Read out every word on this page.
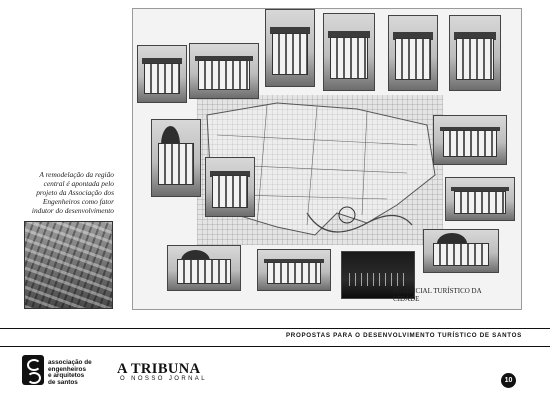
POTENCIAL TURÍSTICO DA CIDADE
A remodelação da região central é apontada pelo projeto da Associação dos Engenheiros como fator indutor do desenvolvimento
PROPOSTAS PARA O DESENVOLVIMENTO TURÍSTICO DE SANTOS
associação de
engenheiros
e arquitetos
de santos
A TRIBUNA
O NOSSO JORNAL	10
